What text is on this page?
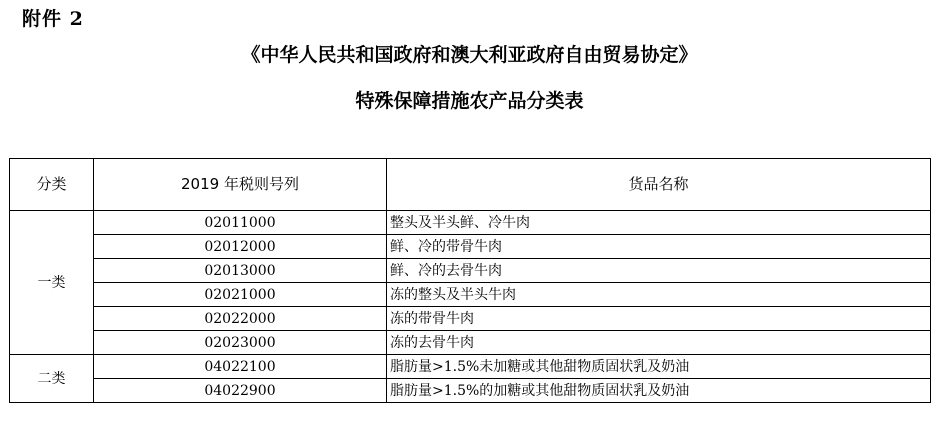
附件 2
《中华人民共和国政府和澳大利亚政府自由贸易协定》
特殊保障措施农产品分类表
分类	2019 年税则号列	货品名称
一类	02011000	整头及半头鲜、冷牛肉
	02012000	鲜、冷的带骨牛肉
	02013000	鲜、冷的去骨牛肉
	02021000	冻的整头及半头牛肉
	02022000	冻的带骨牛肉
	02023000	冻的去骨牛肉
二类	04022100	脂肪量>1.5%未加糖或其他甜物质固状乳及奶油
	04022900	脂肪量>1.5%的加糖或其他甜物质固状乳及奶油
